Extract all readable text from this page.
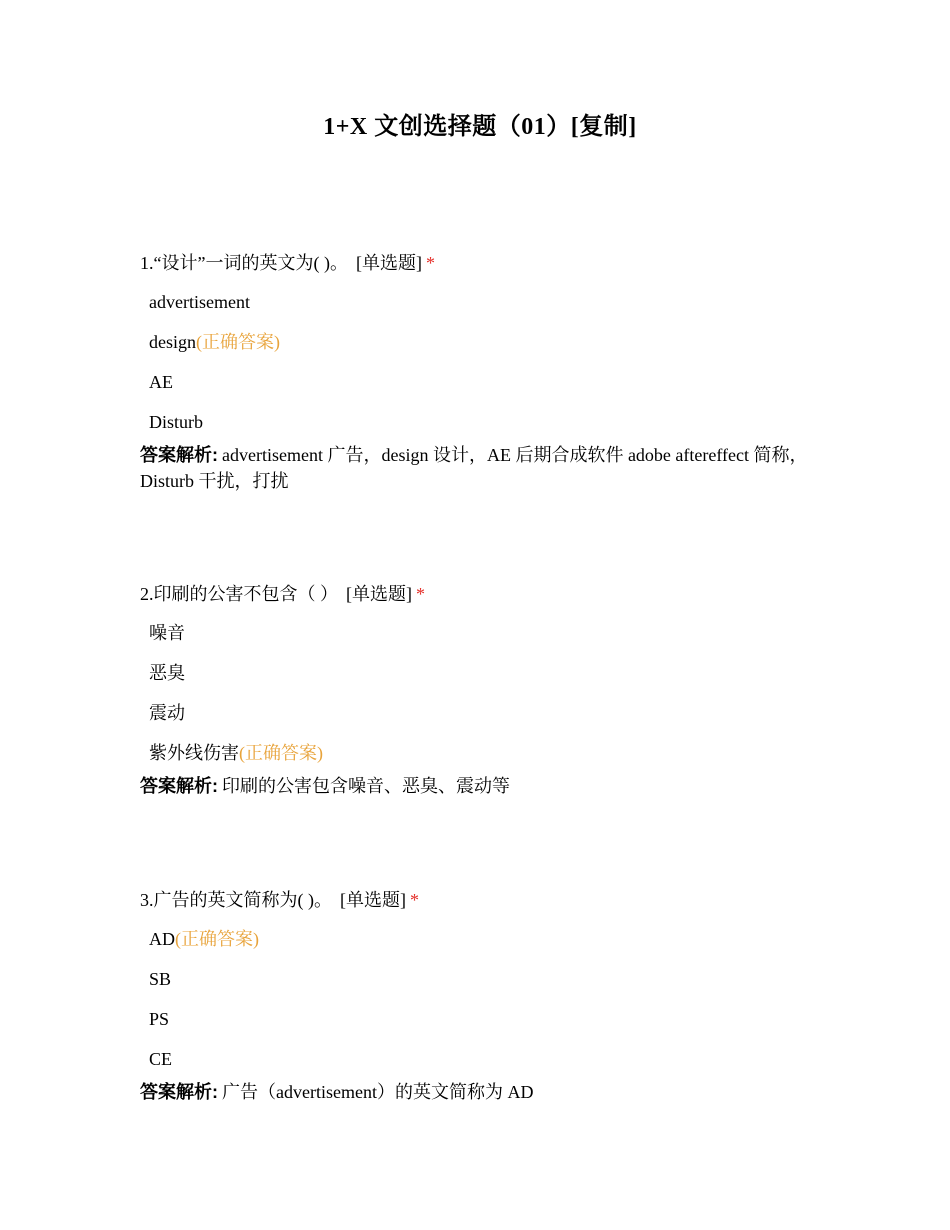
1+X 文创选择题（01）[复制]

1.“设计”一词的英文为( )。 [单选题] *

advertisement
design(正确答案)
AE
Disturb

答案解析: advertisement 广告，design 设计，AE 后期合成软件 adobe aftereffect 简称，Disturb 干扰，打扰

2.印刷的公害不包含（ ） [单选题] *

噪音
恶臭
震动
紫外线伤害(正确答案)

答案解析: 印刷的公害包含噪音、恶臭、震动等

3.广告的英文简称为( )。 [单选题] *

AD(正确答案)
SB
PS
CE

答案解析: 广告（advertisement）的英文简称为 AD
